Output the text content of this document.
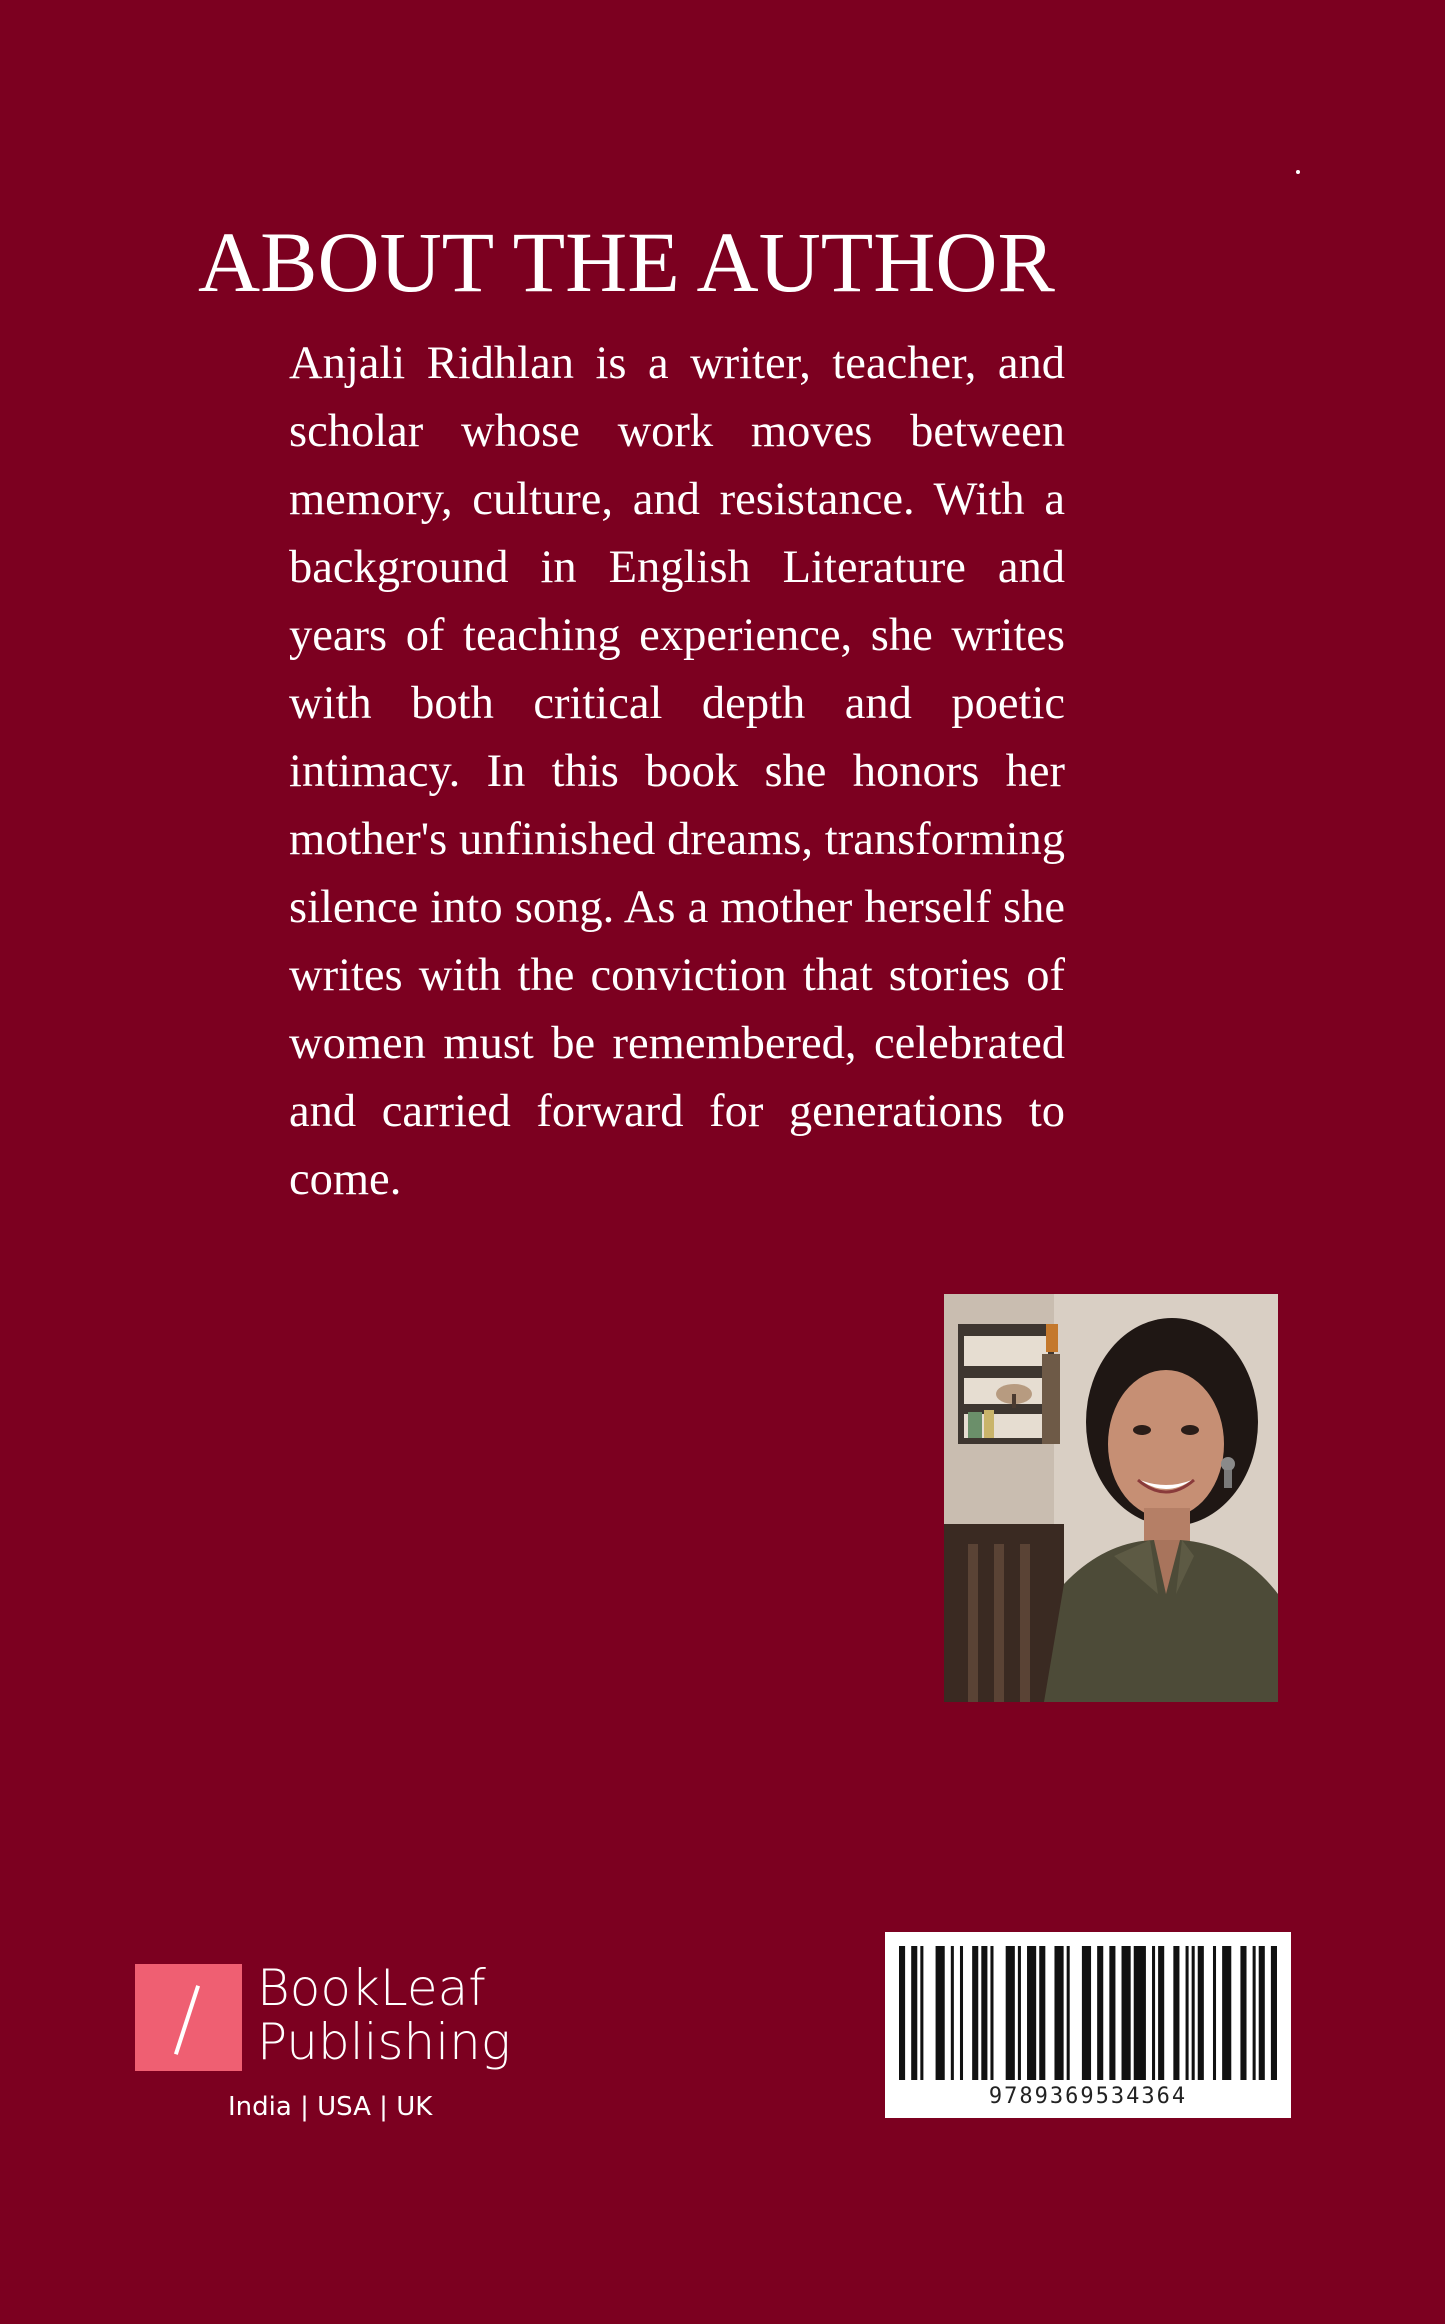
ABOUT THE AUTHOR

Anjali Ridhlan is a writer, teacher, and scholar whose work moves between memory, culture, and resistance. With a background in English Literature and years of teaching experience, she writes with both critical depth and poetic intimacy. In this book she honors her mother's unfinished dreams, transforming silence into song. As a mother herself she writes with the conviction that stories of women must be remembered, celebrated and carried forward for generations to come.

BookLeaf

Publishing

India | USA | UK	9789369534364
